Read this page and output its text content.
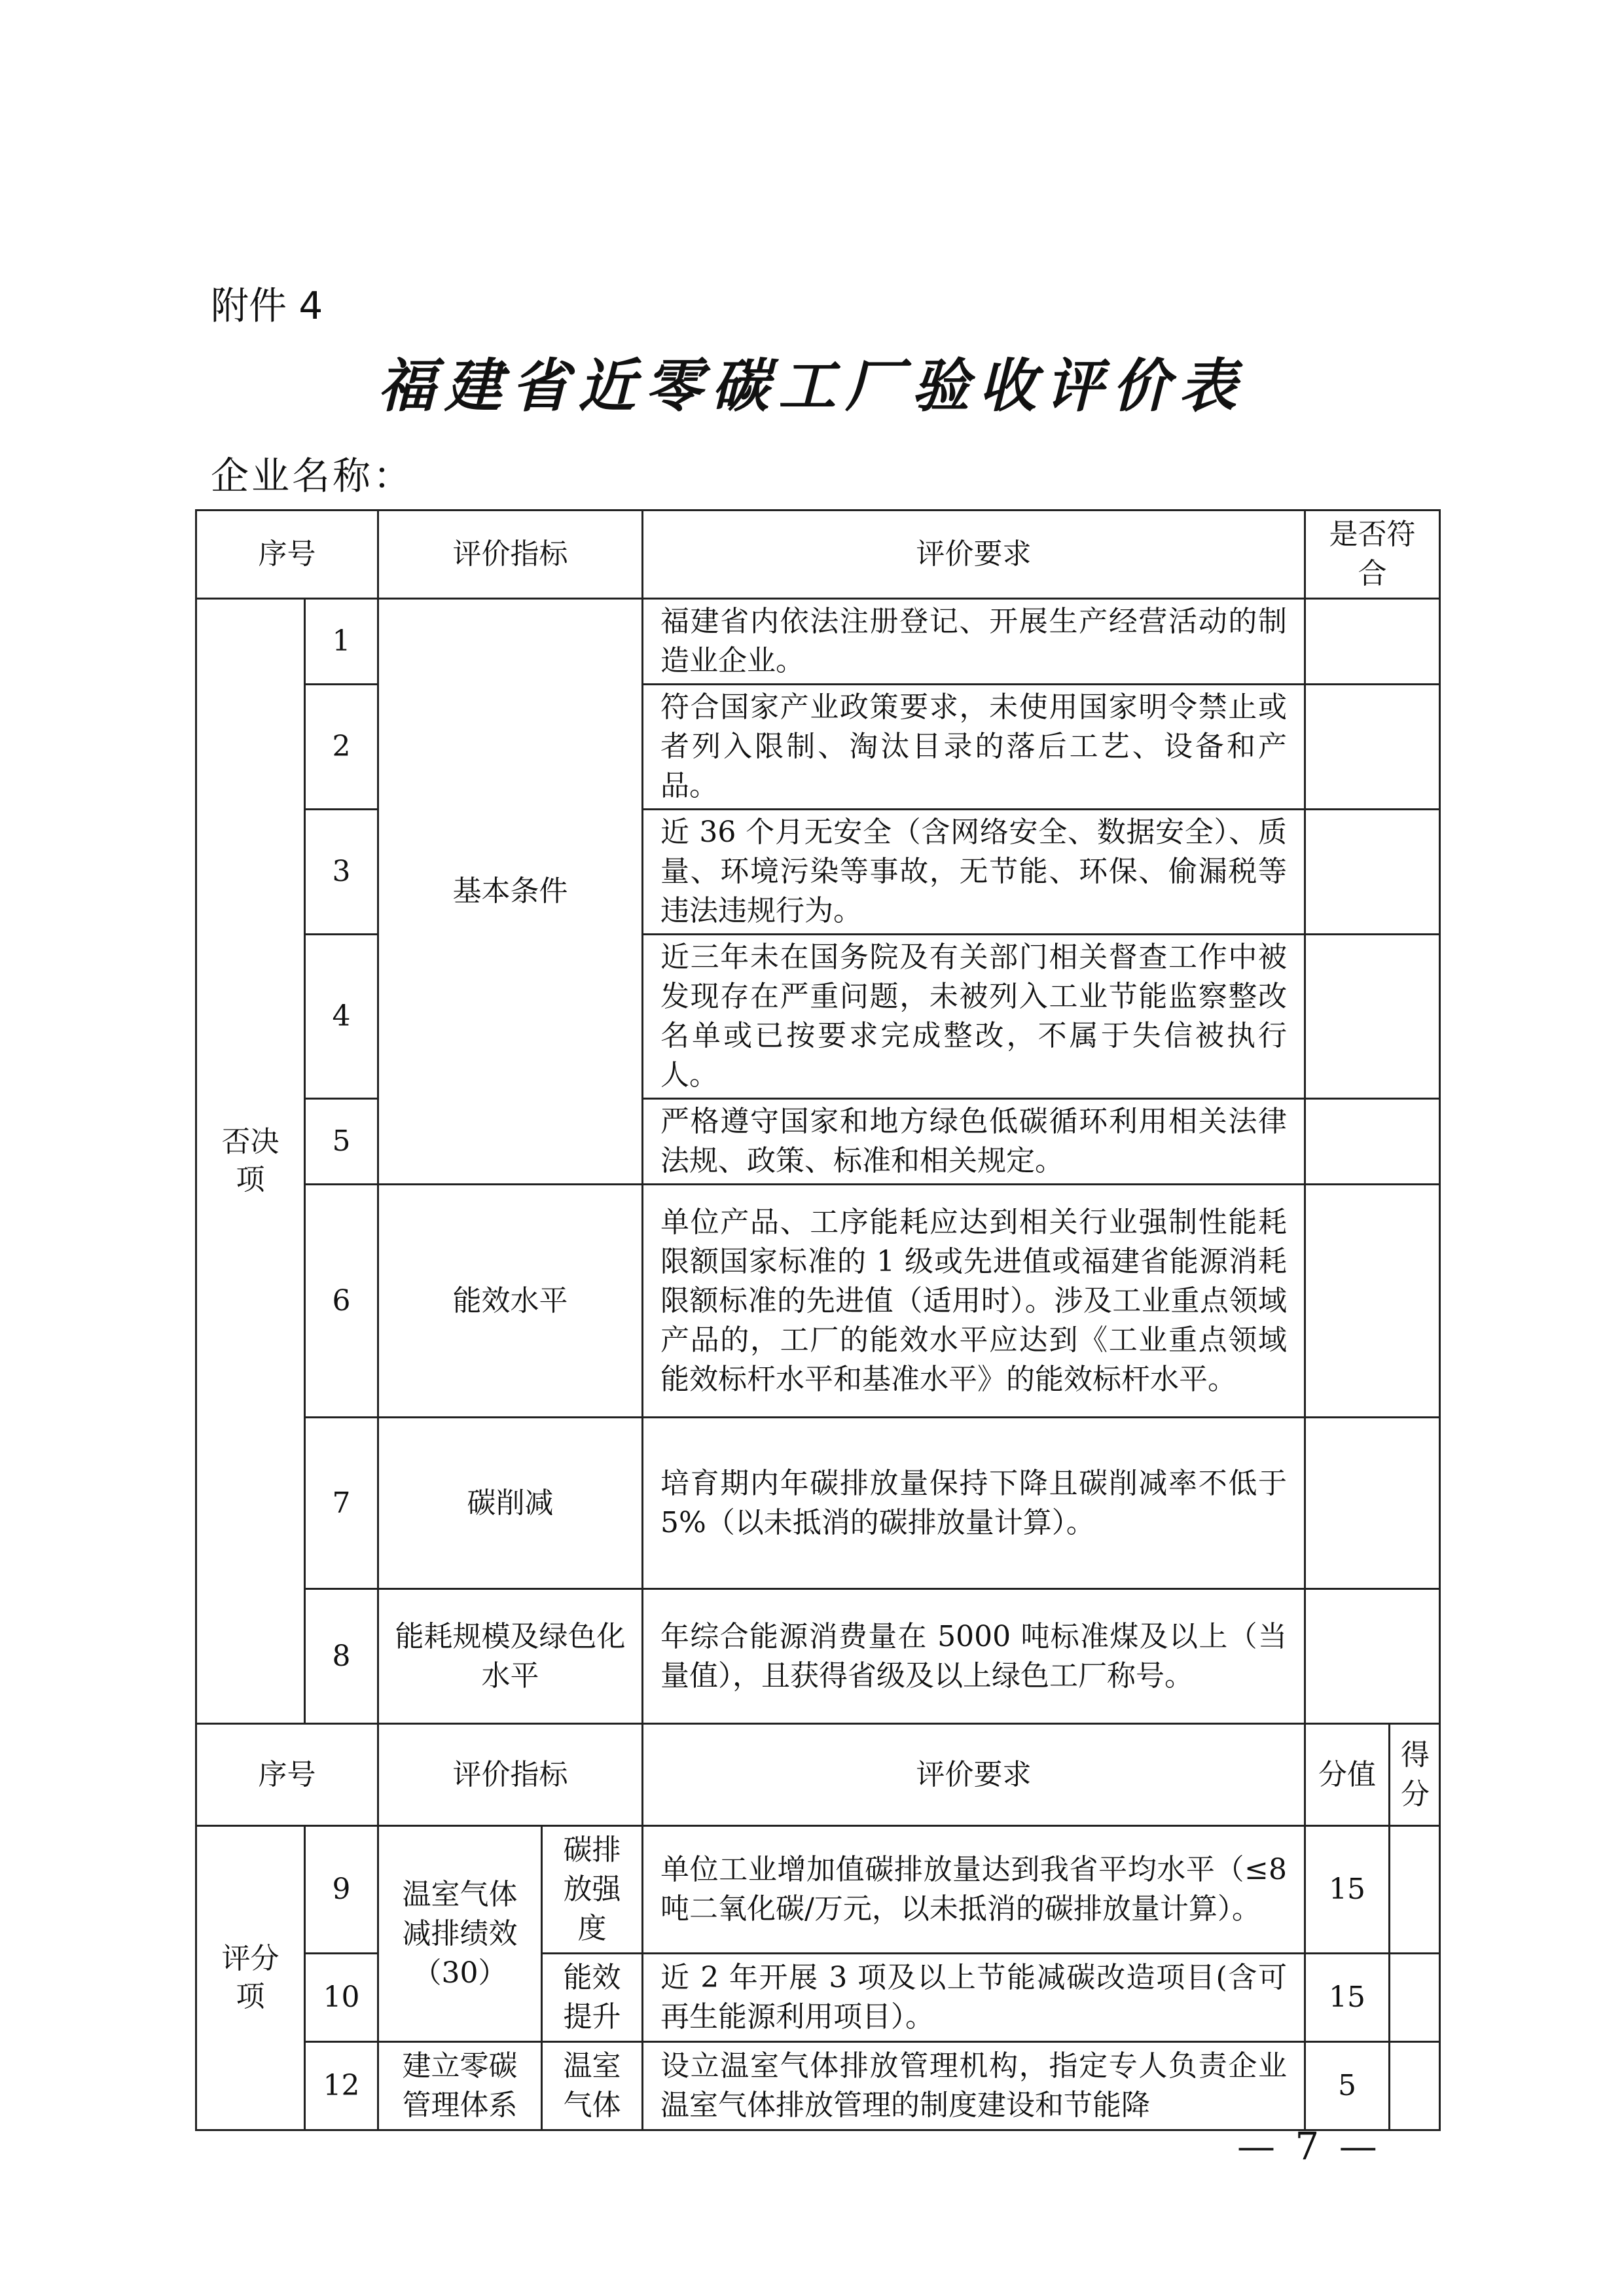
附件 4

福建省近零碳工厂验收评价表

企业名称：

序号		评价指标		评价要求	是否符合	

否决项	1	基本条件		福建省内依法注册登记、开展生产经营活动的制造业企业。		
	2			符合国家产业政策要求，未使用国家明令禁止或者列入限制、淘汰目录的落后工艺、设备和产品。		
	3			近 36 个月无安全（含网络安全、数据安全）、质量、环境污染等事故，无节能、环保、偷漏税等违法违规行为。		
	4			近三年未在国务院及有关部门相关督查工作中被发现存在严重问题，未被列入工业节能监察整改名单或已按要求完成整改，不属于失信被执行人。		
	5			严格遵守国家和地方绿色低碳循环利用相关法律法规、政策、标准和相关规定。		
	6	能效水平		单位产品、工序能耗应达到相关行业强制性能耗限额国家标准的 1 级或先进值或福建省能源消耗限额标准的先进值（适用时）。涉及工业重点领域产品的，工厂的能效水平应达到《工业重点领域能效标杆水平和基准水平》的能效标杆水平。		
	7	碳削减		培育期内年碳排放量保持下降且碳削减率不低于 5%（以未抵消的碳排放量计算）。		
	8	能耗规模及绿色化水平		年综合能源消费量在 5000 吨标准煤及以上（当量值），且获得省级及以上绿色工厂称号。		
序号		评价指标		评价要求	分值	得分

评分项	9	温室气体减排绩效（30）	碳排放强度	单位工业增加值碳排放量达到我省平均水平（≤8 吨二氧化碳/万元，以未抵消的碳排放量计算）。	15	
	10		能效提升	近 2 年开展 3 项及以上节能减碳改造项目(含可再生能源利用项目）。	15	
	12	建立零碳管理体系	温室气体	设立温室气体排放管理机构，指定专人负责企业温室气体排放管理的制度建设和节能降	5	

— 7 —
